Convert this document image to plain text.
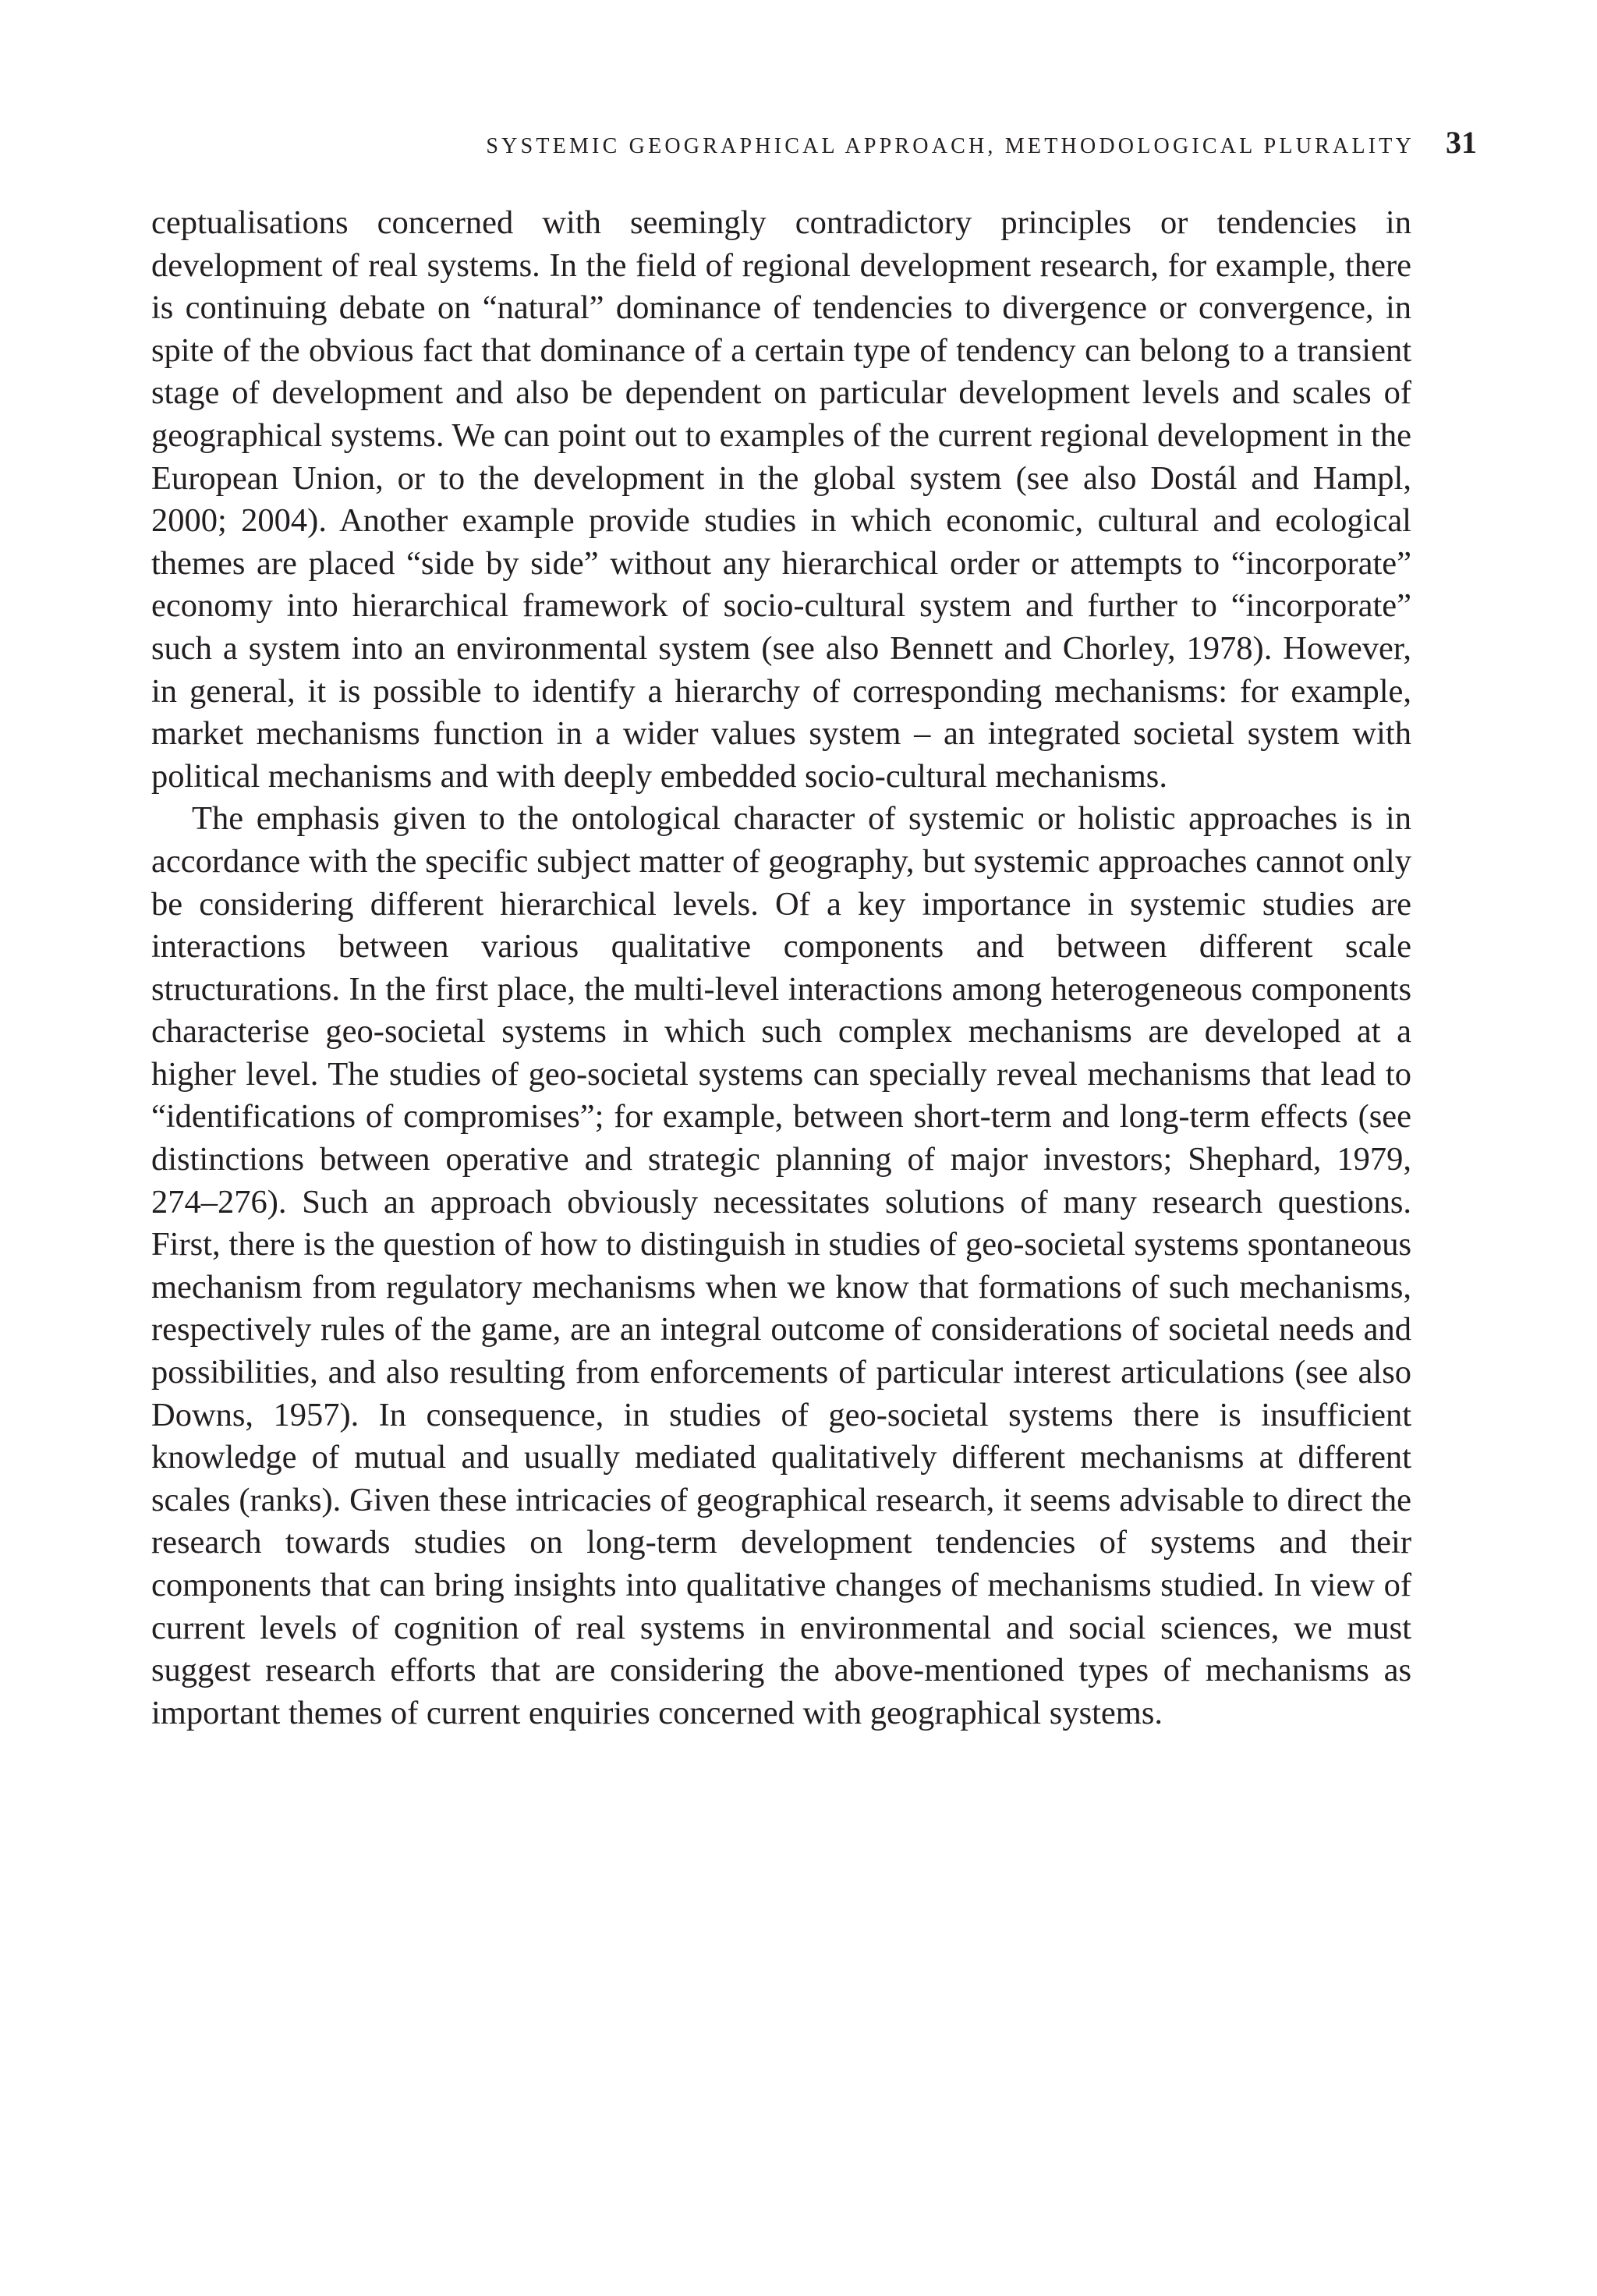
SYSTEMIC GEOGRAPHICAL APPROACH, METHODOLOGICAL PLURALITY 31

ceptualisations concerned with seemingly contradictory principles or tendencies in development of real systems. In the field of regional development research, for example, there is continuing debate on “natural” dominance of tendencies to divergence or convergence, in spite of the obvious fact that dominance of a certain type of tendency can belong to a transient stage of development and also be dependent on particular development levels and scales of geographical systems. We can point out to examples of the current regional development in the European Union, or to the development in the global system (see also Dostál and Hampl, 2000; 2004). Another example provide studies in which economic, cultural and ecological themes are placed “side by side” without any hierarchical order or attempts to “incorporate” economy into hierarchical framework of socio-cultural system and further to “incorporate” such a system into an environmental system (see also Bennett and Chorley, 1978). However, in general, it is possible to identify a hierarchy of corresponding mechanisms: for example, market mechanisms function in a wider values system – an integrated societal system with political mechanisms and with deeply embedded socio-cultural mechanisms.

The emphasis given to the ontological character of systemic or holistic approaches is in accordance with the specific subject matter of geography, but systemic approaches cannot only be considering different hierarchical levels. Of a key importance in systemic studies are interactions between various qualitative components and between different scale structurations. In the first place, the multi-level interactions among heterogeneous components characterise geo-societal systems in which such complex mechanisms are developed at a higher level. The studies of geo-societal systems can specially reveal mechanisms that lead to “identifications of compromises”; for example, between short-term and long-term effects (see distinctions between operative and strategic planning of major investors; Shephard, 1979, 274–276). Such an approach obviously necessitates solutions of many research questions. First, there is the question of how to distinguish in studies of geo-societal systems spontaneous mechanism from regulatory mechanisms when we know that formations of such mechanisms, respectively rules of the game, are an integral outcome of considerations of societal needs and possibilities, and also resulting from enforcements of particular interest articulations (see also Downs, 1957). In consequence, in studies of geo-societal systems there is insufficient knowledge of mutual and usually mediated qualitatively different mechanisms at different scales (ranks). Given these intricacies of geographical research, it seems advisable to direct the research towards studies on long-term development tendencies of systems and their components that can bring insights into qualitative changes of mechanisms studied. In view of current levels of cognition of real systems in environmental and social sciences, we must suggest research efforts that are considering the above-mentioned types of mechanisms as important themes of current enquiries concerned with geographical systems.
